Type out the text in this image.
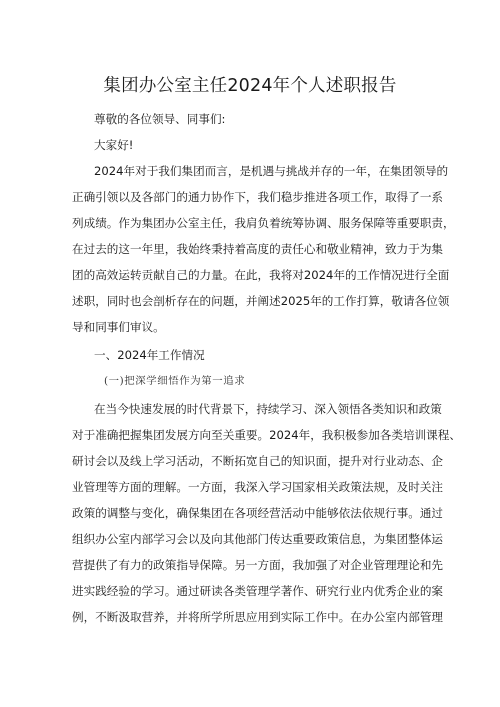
集团办公室主任2024年个人述职报告

尊敬的各位领导、同事们:

大家好!

2024年对于我们集团而言，是机遇与挑战并存的一年，在集团领导的

正确引领以及各部门的通力协作下，我们稳步推进各项工作，取得了一系

列成绩。作为集团办公室主任，我肩负着统筹协调、服务保障等重要职责，

在过去的这一年里，我始终秉持着高度的责任心和敬业精神，致力于为集

团的高效运转贡献自己的力量。在此，我将对2024年的工作情况进行全面

述职，同时也会剖析存在的问题，并阐述2025年的工作打算，敬请各位领

导和同事们审议。

一、2024年工作情况

(一)把深学细悟作为第一追求

在当今快速发展的时代背景下，持续学习、深入领悟各类知识和政策

对于准确把握集团发展方向至关重要。2024年，我积极参加各类培训课程、

研讨会以及线上学习活动，不断拓宽自己的知识面，提升对行业动态、企

业管理等方面的理解。一方面，我深入学习国家相关政策法规，及时关注

政策的调整与变化，确保集团在各项经营活动中能够依法依规行事。通过

组织办公室内部学习会以及向其他部门传达重要政策信息，为集团整体运

营提供了有力的政策指导保障。另一方面，我加强了对企业管理理论和先

进实践经验的学习。通过研读各类管理学著作、研究行业内优秀企业的案

例，不断汲取营养，并将所学所思应用到实际工作中。在办公室内部管理
